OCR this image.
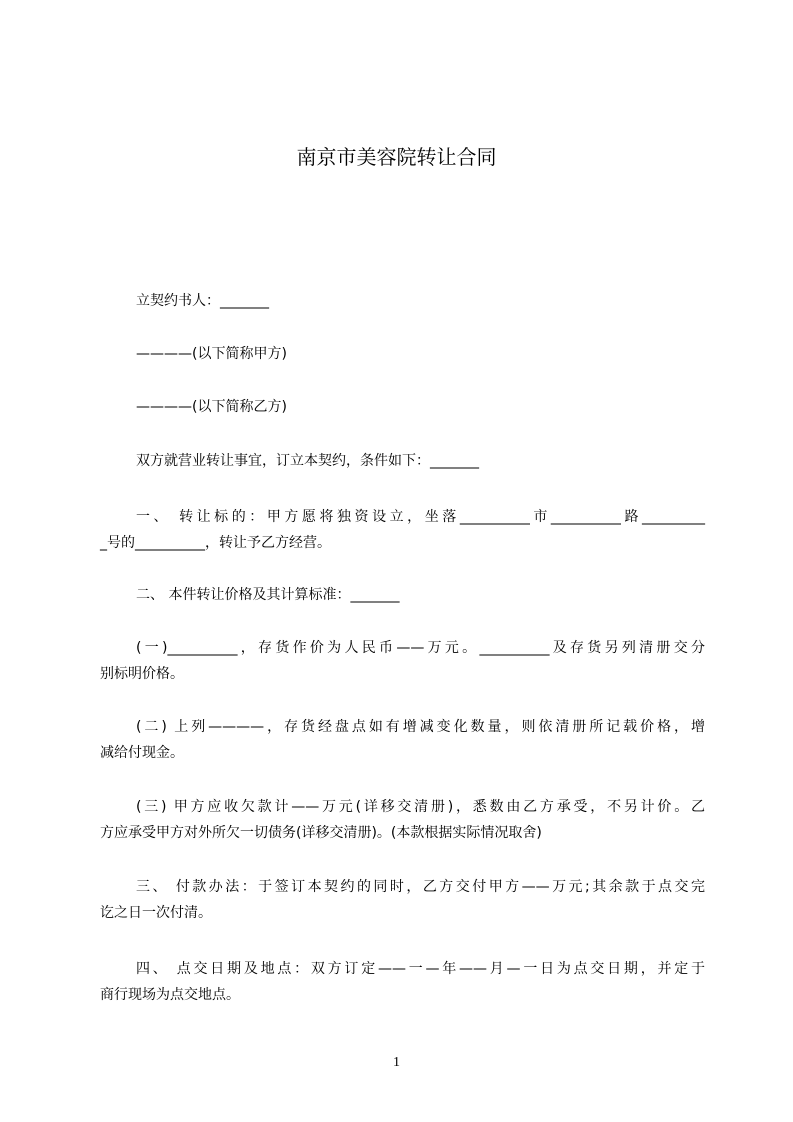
南京市美容院转让合同
立契约书人：_______
————(以下简称甲方)
————(以下简称乙方)
双方就营业转让事宜，订立本契约，条件如下：_______
一、 转让标的：甲方愿将独资设立，坐落__________市__________路_________
_号的__________，转让予乙方经营。
二、 本件转让价格及其计算标准：_______
(一)__________，存货作价为人民币——万元。__________及存货另列清册交分
别标明价格。
(二) 上列————，存货经盘点如有增减变化数量，则依清册所记载价格，增
减给付现金。
(三) 甲方应收欠款计——万元(详移交清册)，悉数由乙方承受，不另计价。乙
方应承受甲方对外所欠一切债务(详移交清册)。(本款根据实际情况取舍)
三、 付款办法：于签订本契约的同时，乙方交付甲方——万元;其余款于点交完
讫之日一次付清。
四、 点交日期及地点：双方订定——一—年——月—一日为点交日期，并定于
商行现场为点交地点。
1
